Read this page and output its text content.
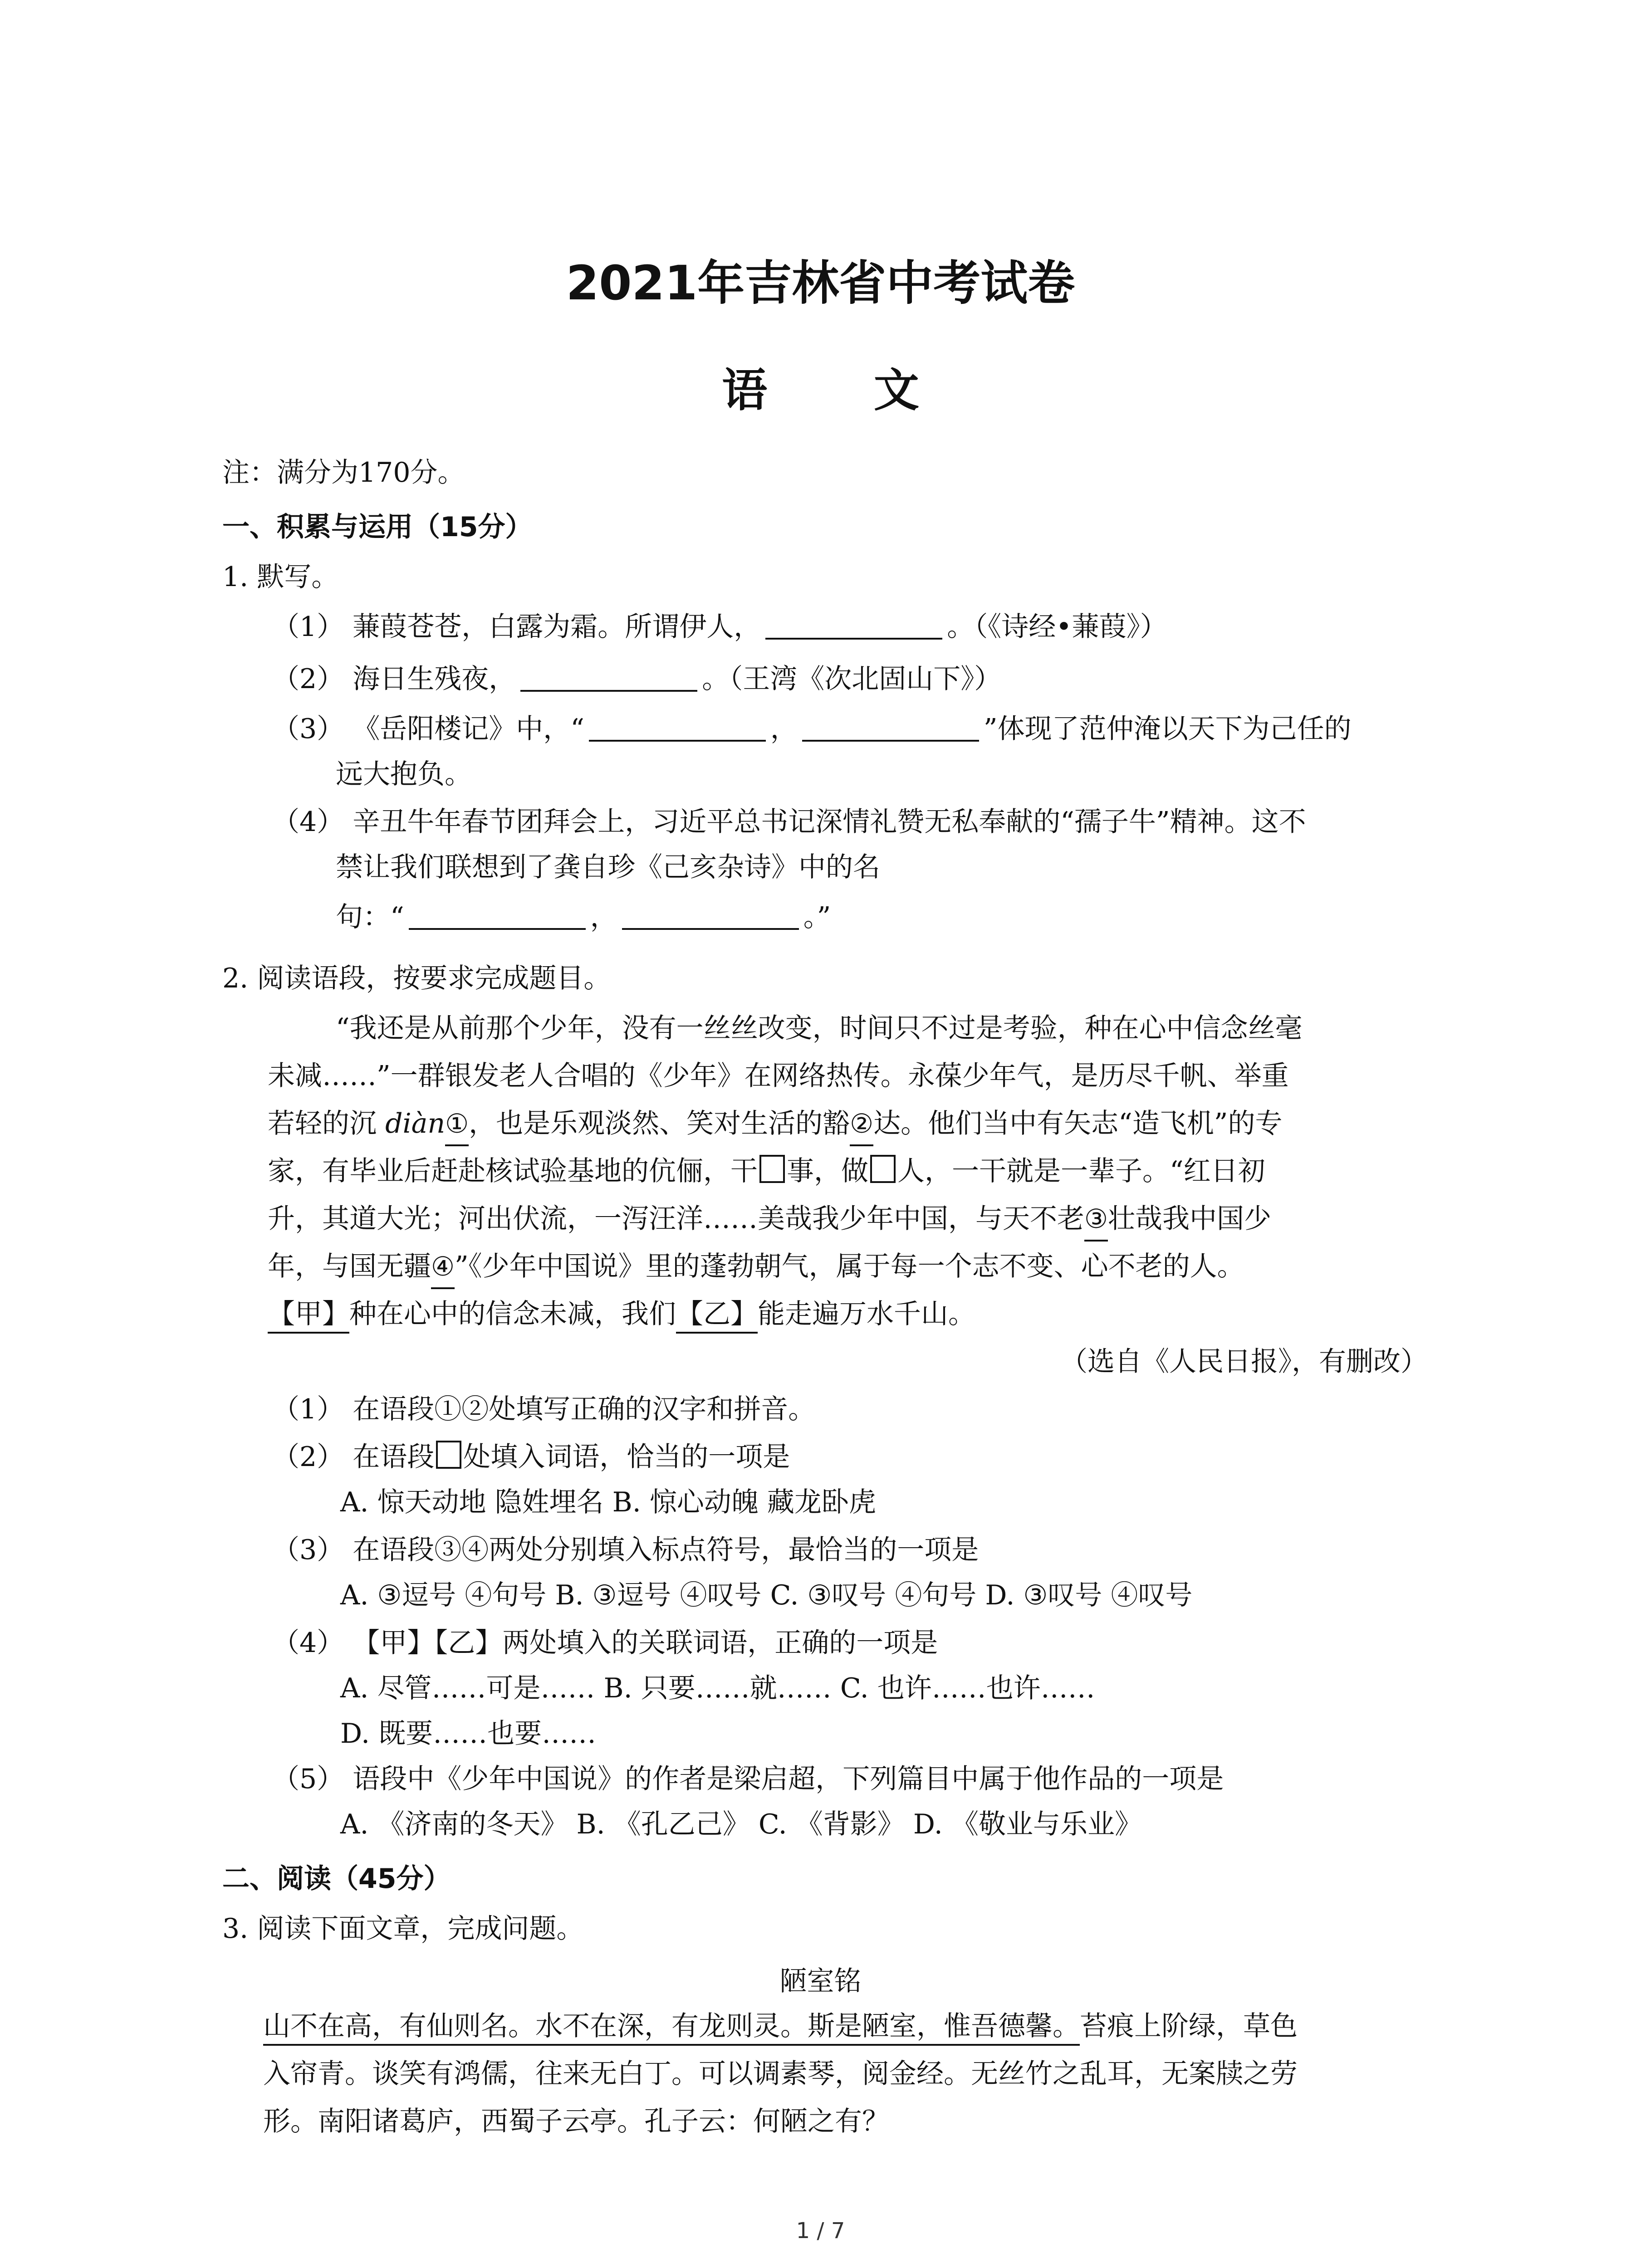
2021年吉林省中考试卷
语 文
注：满分为170分。
一、积累与运用（15分）
1. 默写。
（1） 蒹葭苍苍，白露为霜。所谓伊人，	。（《诗经•蒹葭》）
（2） 海日生残夜，	。（王湾《次北固山下》）
（3） 《岳阳楼记》中，“	，	”体现了范仲淹以天下为己任的
远大抱负。
（4） 辛丑牛年春节团拜会上，习近平总书记深情礼赞无私奉献的“孺子牛”精神。这不
禁让我们联想到了龚自珍《己亥杂诗》中的名
句：“	，	。”
2. 阅读语段，按要求完成题目。
“我还是从前那个少年，没有一丝丝改变，时间只不过是考验，种在心中信念丝毫
未减……”一群银发老人合唱的《少年》在网络热传。永葆少年气，是历尽千帆、举重
若轻的沉 diàn①，也是乐观淡然、笑对生活的豁②达。他们当中有矢志“造飞机”的专
家，有毕业后赶赴核试验基地的伉俪，干 事，做 人，一干就是一辈子。“红日初
升，其道大光；河出伏流，一泻汪洋……美哉我少年中国，与天不老③壮哉我中国少
年，与国无疆④”《少年中国说》里的蓬勃朝气，属于每一个志不变、心不老的人。
【甲】种在心中的信念未减，我们【乙】能走遍万水千山。
（选自《人民日报》，有删改）
（1） 在语段①②处填写正确的汉字和拼音。
（2） 在语段 处填入词语，恰当的一项是
A. 惊天动地 隐姓埋名 B. 惊心动魄 藏龙卧虎
（3） 在语段③④两处分别填入标点符号，最恰当的一项是
A. ③逗号 ④句号 B. ③逗号 ④叹号 C. ③叹号 ④句号 D. ③叹号 ④叹号
（4） 【甲】【乙】两处填入的关联词语，正确的一项是
A. 尽管……可是…… B. 只要……就…… C. 也许……也许……
D. 既要……也要……
（5） 语段中《少年中国说》的作者是梁启超，下列篇目中属于他作品的一项是
A. 《济南的冬天》 B. 《孔乙己》 C. 《背影》 D. 《敬业与乐业》
二、阅读（45分）
3. 阅读下面文章，完成问题。
陋室铭
山不在高，有仙则名。水不在深，有龙则灵。斯是陋室，惟吾德馨。苔痕上阶绿，草色
入帘青。谈笑有鸿儒，往来无白丁。可以调素琴，阅金经。无丝竹之乱耳，无案牍之劳
形。南阳诸葛庐，西蜀子云亭。孔子云：何陋之有？
1 / 7
